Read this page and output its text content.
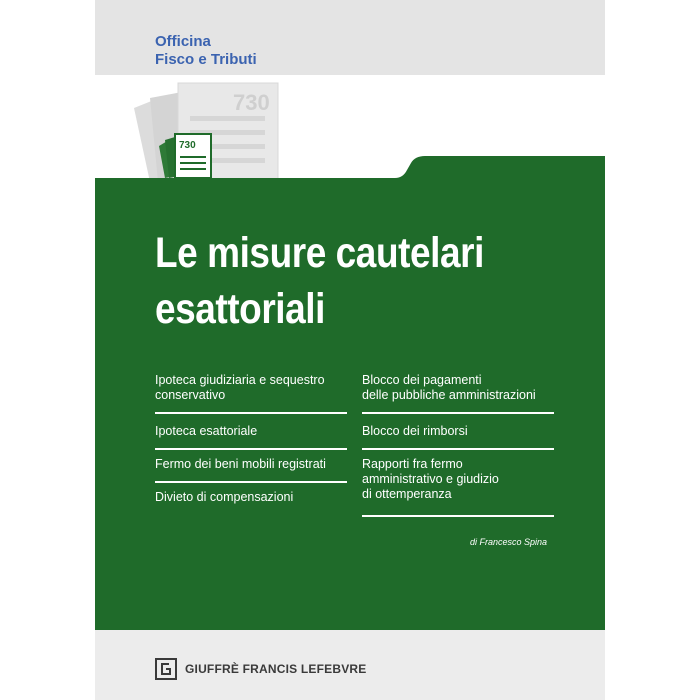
730
730
Officina
Fisco e Tributi
Le misure cautelari
esattoriali
Ipoteca giudiziaria e sequestro
conservativo
Ipoteca esattoriale
Fermo dei beni mobili registrati
Divieto di compensazioni
Blocco dei pagamenti
delle pubbliche amministrazioni
Blocco dei rimborsi
Rapporti fra fermo
amministrativo e giudizio
di ottemperanza
di Francesco Spina
GIUFFRÈ FRANCIS LEFEBVRE
